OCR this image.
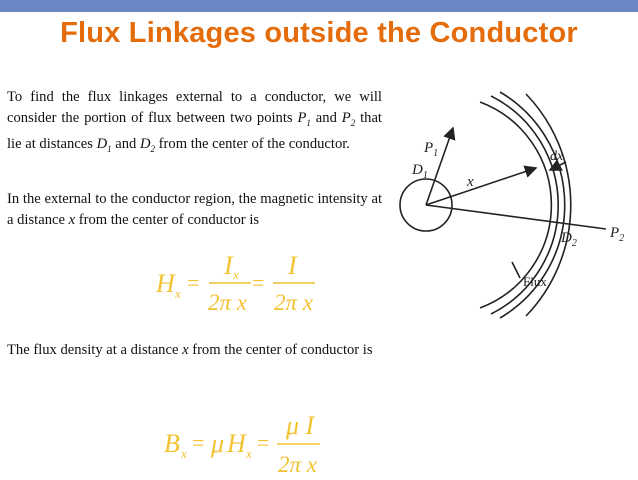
Flux Linkages outside the Conductor
To find the flux linkages external to a conductor, we will consider the portion of flux between two points $P_1$ and $P_2$ that lie at distances $D_1$ and $D_2$ from the center of the conductor.
In the external to the conductor region, the magnetic intensity at a distance x from the center of conductor is
H x =
I x =
I
2π x 2π x
The flux density at a distance x from the center of conductor is
B x = μ H x =
μ I
2π x
$P_1$
$D_1$	x
dx
$P_2$
$D_2$
Flux
